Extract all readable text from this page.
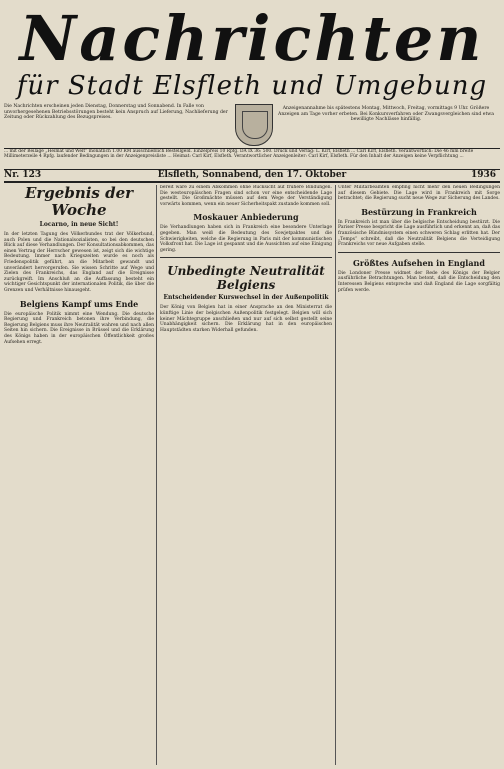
Nachrichten
für Stadt Elsfleth und Umgebung
Die Nachrichten erscheinen jeden Dienstag, Donnerstag und Sonnabend. In Falle von unvorhergesehenen Betriebsstörungen besteht kein Anspruch auf Lieferung, Nachlieferung der Zeitung oder Rückzahlung des Bezugspreises.
Anzeigenannahme bis spätestens Montag, Mittwoch, Freitag, vormittags 9 Uhr. Größere Anzeigen am Tage vorher erbeten. Bei Konkursverfahren oder Zwangsvergleichen sind etwa bewilligte Nachlässe hinfällig.
... mit der Beilage „Heimat und Welt“ monatlich 1.00 RM ausschließlich Bestellgeld. Einzelpreis 10 Rpfg. DA IX 36: 500. Druck und Verlag: L. Kirf, Elsfleth ... Carl Kirf, Elsfleth. Verantwortlich: Die 46 mm breite Millimeterzeile 4 Rpfg. laufender Bedingungen in der Anzeigenpreisliste ... Heimat: Carl Kirf, Elsfleth. Verantwortlicher Anzeigenleiter: Carl Kirf, Elsfleth. Für den Inhalt der Anzeigen keine Verpflichtung ...
Nr. 123	Elsfleth, Sonnabend, den 17. Oktober	1936
Ergebnis der Woche
Locarno, in neue Sicht!
In der letzten Tagung des Völkerbundes trat der Völkerbund, auch Polen und die Nationalsozialisten, so bei den deutschen Blick auf diese Verhandlungen. Der Konsultationsabkommen, das einen Vertrag der Herrscher gewesen ist, zeigt sich die wichtige Bedeutung. Immer nach Kriegszeiten wurde es noch als Friedenspolitik geführt, an die Mitarbeit gewandt und unverändert hervorgerufen. Sie wissen Schritte auf Wege und Zielen des Frankreichs, das England auf die Ereignisse zurückgreift. Im Anschluß an die Auffassung besteht ein wichtiger Gesichtspunkt der internationalen Politik, die über die Grenzen und Verhältnisse hinausgeht.
Belgiens Kampf ums Ende
Die europäische Politik nimmt eine Wendung. Die deutsche Regierung und Frankreich betonen ihre Verbindung, die Regierung Belgiens muss ihre Neutralität wahren und nach allen Seiten hin sichern. Die Ereignisse in Brüssel und die Erklärung des Königs haben in der europäischen Öffentlichkeit großes Aufsehen erregt.
bereit wäre zu einem Abkommen ohne Rücksicht auf frühere Bindungen. Die westeuropäischen Fragen sind schon vor eine entscheidende Lage gestellt. Die Großmächte müssen auf dem Wege der Verständigung vorwärts kommen, wenn ein neuer Sicherheitspakt zustande kommen soll.
Moskauer Anbiederung
Die Verhandlungen haben sich in Frankreich eine besondere Unterlage gegeben. Man weiß die Bedeutung des Sowjetpaktes und die Schwierigkeiten, welche die Regierung in Paris mit der kommunistischen Volksfront hat. Die Lage ist gespannt und die Aussichten auf eine Einigung gering.
Unbedingte Neutralität Belgiens
Entscheidender Kurswechsel in der Außenpolitik
Der König von Belgien hat in einer Ansprache an den Ministerrat die künftige Linie der belgischen Außenpolitik festgelegt. Belgien will sich keiner Mächtegruppe anschließen und nur auf sich selbst gestellt seine Unabhängigkeit sichern. Die Erklärung hat in den europäischen Hauptstädten starken Widerhall gefunden.
Unter Militärbeamten empfing nicht mehr den neuen Bedingungen auf diesem Gebiete. Die Lage wird in Frankreich mit Sorge betrachtet; die Regierung sucht neue Wege zur Sicherung des Landes.
Bestürzung in Frankreich
In Frankreich ist man über die belgische Entscheidung bestürzt. Die Pariser Presse bespricht die Lage ausführlich und erkennt an, daß das französische Bündnissystem einen schweren Schlag erlitten hat. Der „Temps“ schreibt, daß die Neutralität Belgiens die Verteidigung Frankreichs vor neue Aufgaben stelle.
Größtes Aufsehen in England
Die Londoner Presse widmet der Rede des Königs der Belgier ausführliche Betrachtungen. Man betont, daß die Entscheidung den Interessen Belgiens entspreche und daß England die Lage sorgfältig prüfen werde.
